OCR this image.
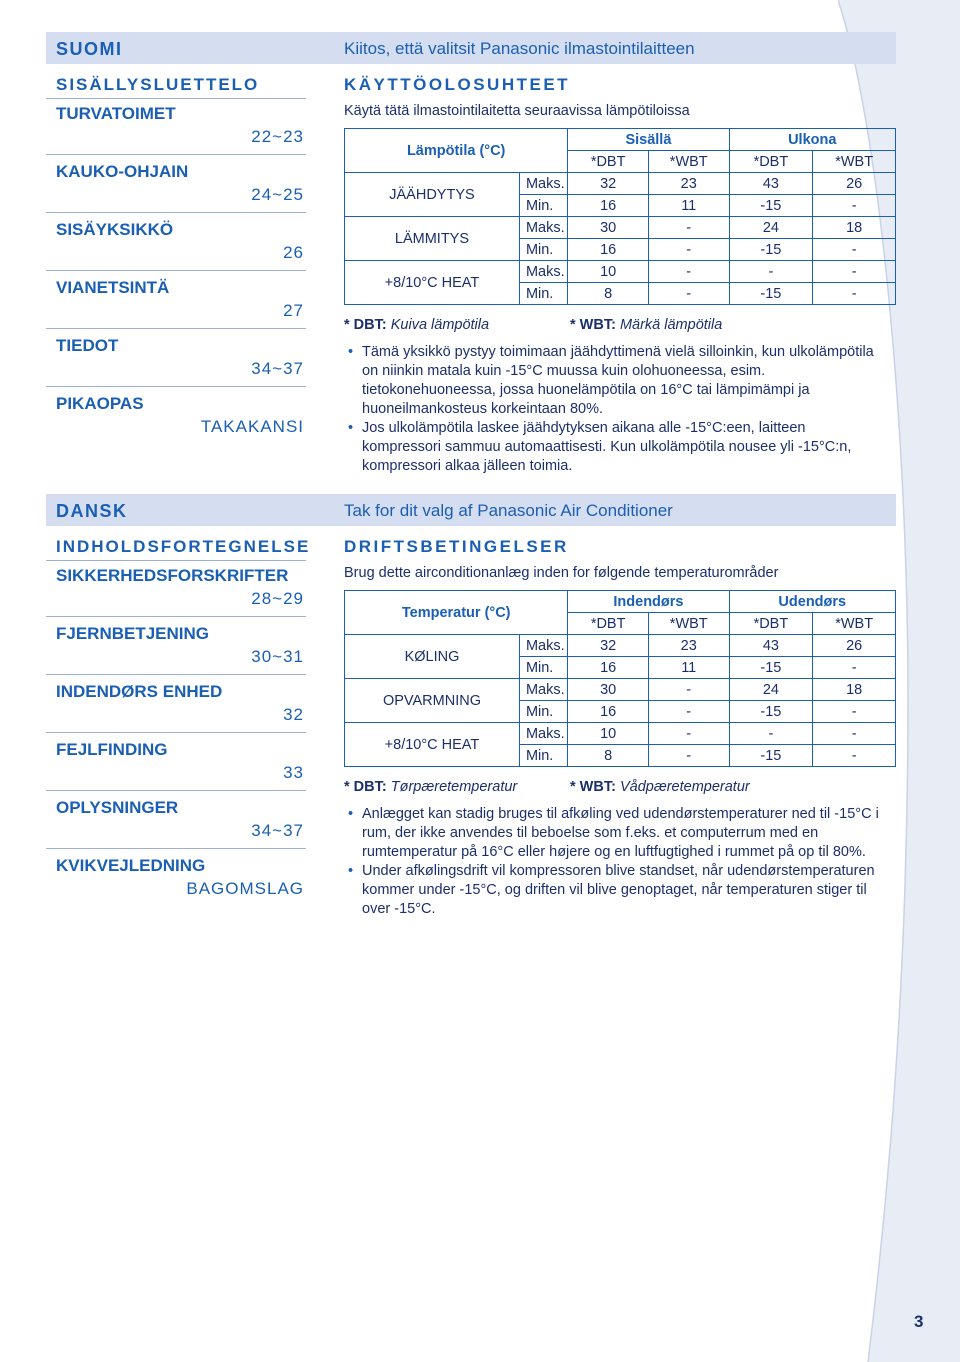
SUOMI	Kiitos, että valitsit Panasonic ilmastointilaitteen
SISÄLLYSLUETTELO
TURVATOIMET
22~23
KAUKO-OHJAIN
24~25
SISÄYKSIKKÖ
26
VIANETSINTÄ
27
TIEDOT
34~37
PIKAOPAS
TAKAKANSI
KÄYTTÖOLOSUHTEET
Käytä tätä ilmastointilaitetta seuraavissa lämpötiloissa
Lämpötila (°C)		Sisällä		Ulkona	
		*DBT	*WBT	*DBT	*WBT
JÄÄHDYTYS	Maks.	32	23	43	26
	Min.	16	11	-15	-
LÄMMITYS	Maks.	30	-	24	18
	Min.	16	-	-15	-
+8/10°C HEAT	Maks.	10	-	-	-
	Min.	8	-	-15	-
* DBT: Kuiva lämpötila	* WBT: Märkä lämpötila
• Tämä yksikkö pystyy toimimaan jäähdyttimenä vielä silloinkin, kun ulkolämpötila on niinkin matala kuin -15°C muussa kuin olohuoneessa, esim. tietokonehuoneessa, jossa huonelämpötila on 16°C tai lämpimämpi ja huoneilmankosteus korkeintaan 80%.
• Jos ulkolämpötila laskee jäähdytyksen aikana alle -15°C:een, laitteen kompressori sammuu automaattisesti. Kun ulkolämpötila nousee yli -15°C:n, kompressori alkaa jälleen toimia.
DANSK	Tak for dit valg af Panasonic Air Conditioner
INDHOLDSFORTEGNELSE
SIKKERHEDSFORSKRIFTER
28~29
FJERNBETJENING
30~31
INDENDØRS ENHED
32
FEJLFINDING
33
OPLYSNINGER
34~37
KVIKVEJLEDNING
BAGOMSLAG
DRIFTSBETINGELSER
Brug dette airconditionanlæg inden for følgende temperaturområder
Temperatur (°C)		Indendørs		Udendørs	
		*DBT	*WBT	*DBT	*WBT
KØLING	Maks.	32	23	43	26
	Min.	16	11	-15	-
OPVARMNING	Maks.	30	-	24	18
	Min.	16	-	-15	-
+8/10°C HEAT	Maks.	10	-	-	-
	Min.	8	-	-15	-
* DBT: Tørpæretemperatur	* WBT: Vådpæretemperatur
• Anlægget kan stadig bruges til afkøling ved udendørstemperaturer ned til -15°C i rum, der ikke anvendes til beboelse som f.eks. et computerrum med en rumtemperatur på 16°C eller højere og en luftfugtighed i rummet på op til 80%.
• Under afkølingsdrift vil kompressoren blive standset, når udendørstemperaturen kommer under -15°C, og driften vil blive genoptaget, når temperaturen stiger til over -15°C.
3
